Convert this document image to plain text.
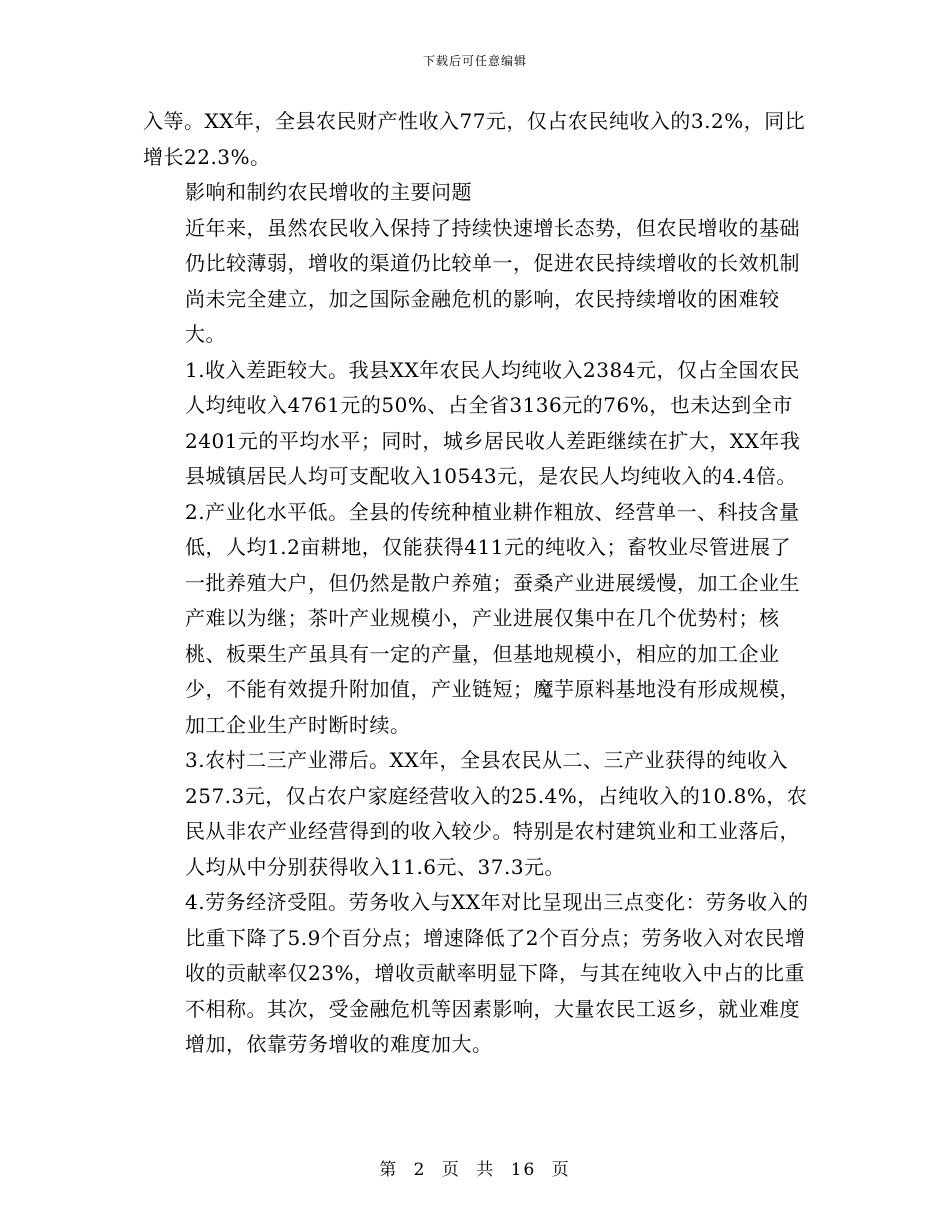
下载后可任意编辑

入等。XX年，全县农民财产性收入77元，仅占农民纯收入的3.2%，同比增长22.3%。

影响和制约农民增收的主要问题

近年来，虽然农民收入保持了持续快速增长态势，但农民增收的基础仍比较薄弱，增收的渠道仍比较单一，促进农民持续增收的长效机制尚未完全建立，加之国际金融危机的影响，农民持续增收的困难较大。

1.收入差距较大。我县XX年农民人均纯收入2384元，仅占全国农民人均纯收入4761元的50%、占全省3136元的76%，也未达到全市2401元的平均水平；同时，城乡居民收人差距继续在扩大，XX年我县城镇居民人均可支配收入10543元，是农民人均纯收入的4.4倍。

2.产业化水平低。全县的传统种植业耕作粗放、经营单一、科技含量低，人均1.2亩耕地，仅能获得411元的纯收入；畜牧业尽管进展了一批养殖大户，但仍然是散户养殖；蚕桑产业进展缓慢，加工企业生产难以为继；茶叶产业规模小，产业进展仅集中在几个优势村；核桃、板栗生产虽具有一定的产量，但基地规模小，相应的加工企业少，不能有效提升附加值，产业链短；魔芋原料基地没有形成规模，加工企业生产时断时续。

3.农村二三产业滞后。XX年，全县农民从二、三产业获得的纯收入257.3元，仅占农户家庭经营收入的25.4%，占纯收入的10.8%，农民从非农产业经营得到的收入较少。特别是农村建筑业和工业落后，人均从中分别获得收入11.6元、37.3元。

4.劳务经济受阻。劳务收入与XX年对比呈现出三点变化：劳务收入的比重下降了5.9个百分点；增速降低了2个百分点；劳务收入对农民增收的贡献率仅23%，增收贡献率明显下降，与其在纯收入中占的比重不相称。其次，受金融危机等因素影响，大量农民工返乡，就业难度增加，依靠劳务增收的难度加大。

第 2 页 共 16 页
